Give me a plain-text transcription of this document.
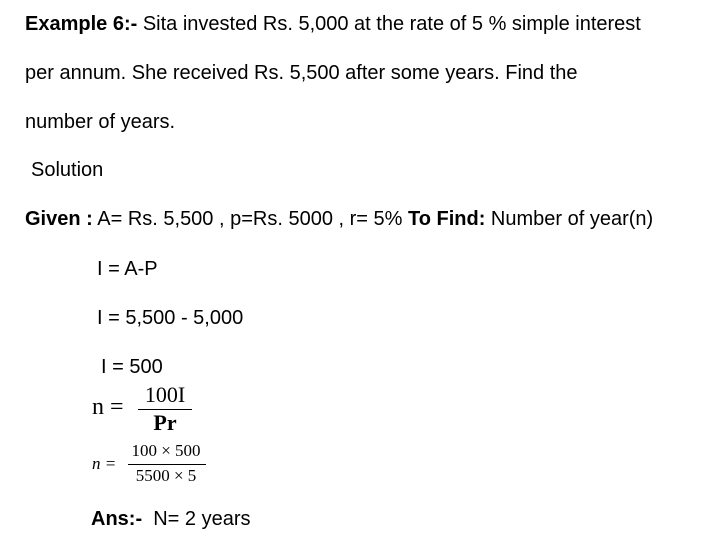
Example 6:- Sita invested Rs. 5,000 at the rate of 5 % simple interest
per annum. She received Rs. 5,500 after some years. Find the
number of years.
Solution
Given : A= Rs. 5,500 , p=Rs. 5000 , r= 5% To Find: Number of year(n)
I = A-P
I = 5,500 - 5,000
I = 500
n = 100I
Pr
n =
100 × 500
5500 × 5
Ans:-  N= 2 years
